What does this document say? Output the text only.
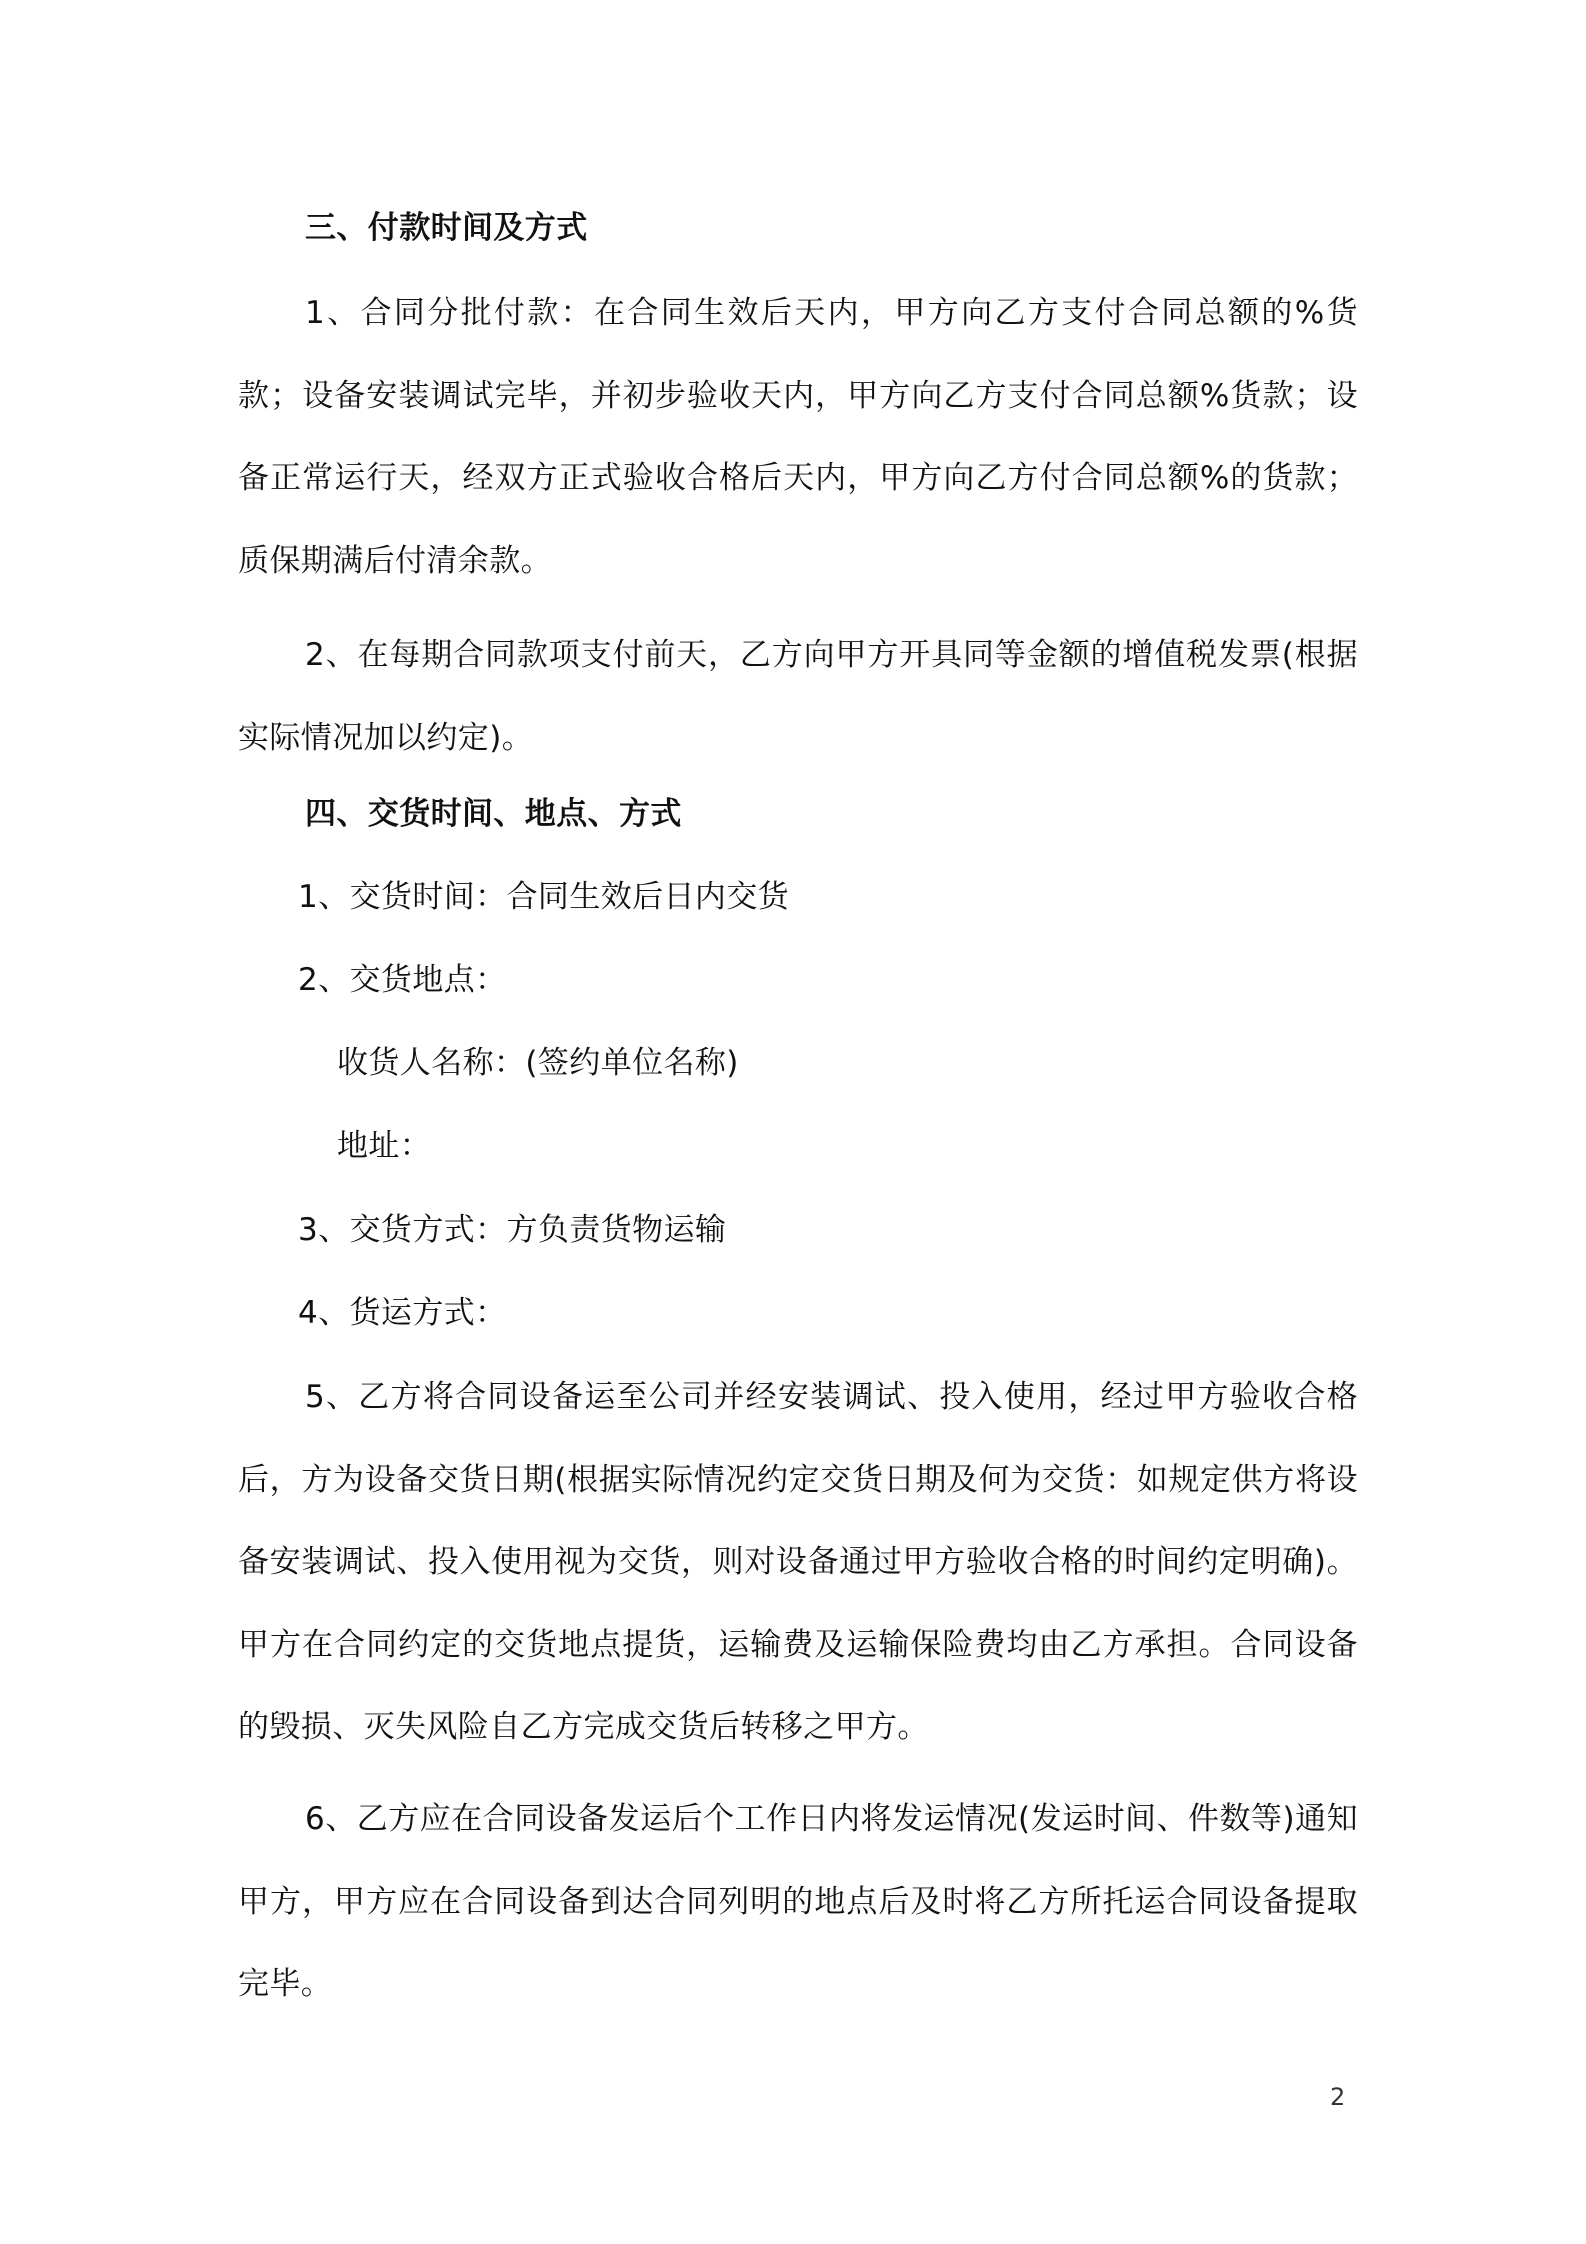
三、付款时间及方式

1、合同分批付款：在合同生效后天内，甲方向乙方支付合同总额的%货款；设备安装调试完毕，并初步验收天内，甲方向乙方支付合同总额%货款；设备正常运行天，经双方正式验收合格后天内，甲方向乙方付合同总额%的货款；质保期满后付清余款。

2、在每期合同款项支付前天，乙方向甲方开具同等金额的增值税发票(根据实际情况加以约定)。

四、交货时间、地点、方式

1、交货时间：合同生效后日内交货

2、交货地点：

收货人名称：(签约单位名称)

地址：

3、交货方式：方负责货物运输

4、货运方式：

5、乙方将合同设备运至公司并经安装调试、投入使用，经过甲方验收合格后，方为设备交货日期(根据实际情况约定交货日期及何为交货：如规定供方将设备安装调试、投入使用视为交货，则对设备通过甲方验收合格的时间约定明确)。甲方在合同约定的交货地点提货，运输费及运输保险费均由乙方承担。合同设备的毁损、灭失风险自乙方完成交货后转移之甲方。

6、乙方应在合同设备发运后个工作日内将发运情况(发运时间、件数等)通知甲方，甲方应在合同设备到达合同列明的地点后及时将乙方所托运合同设备提取完毕。

2
